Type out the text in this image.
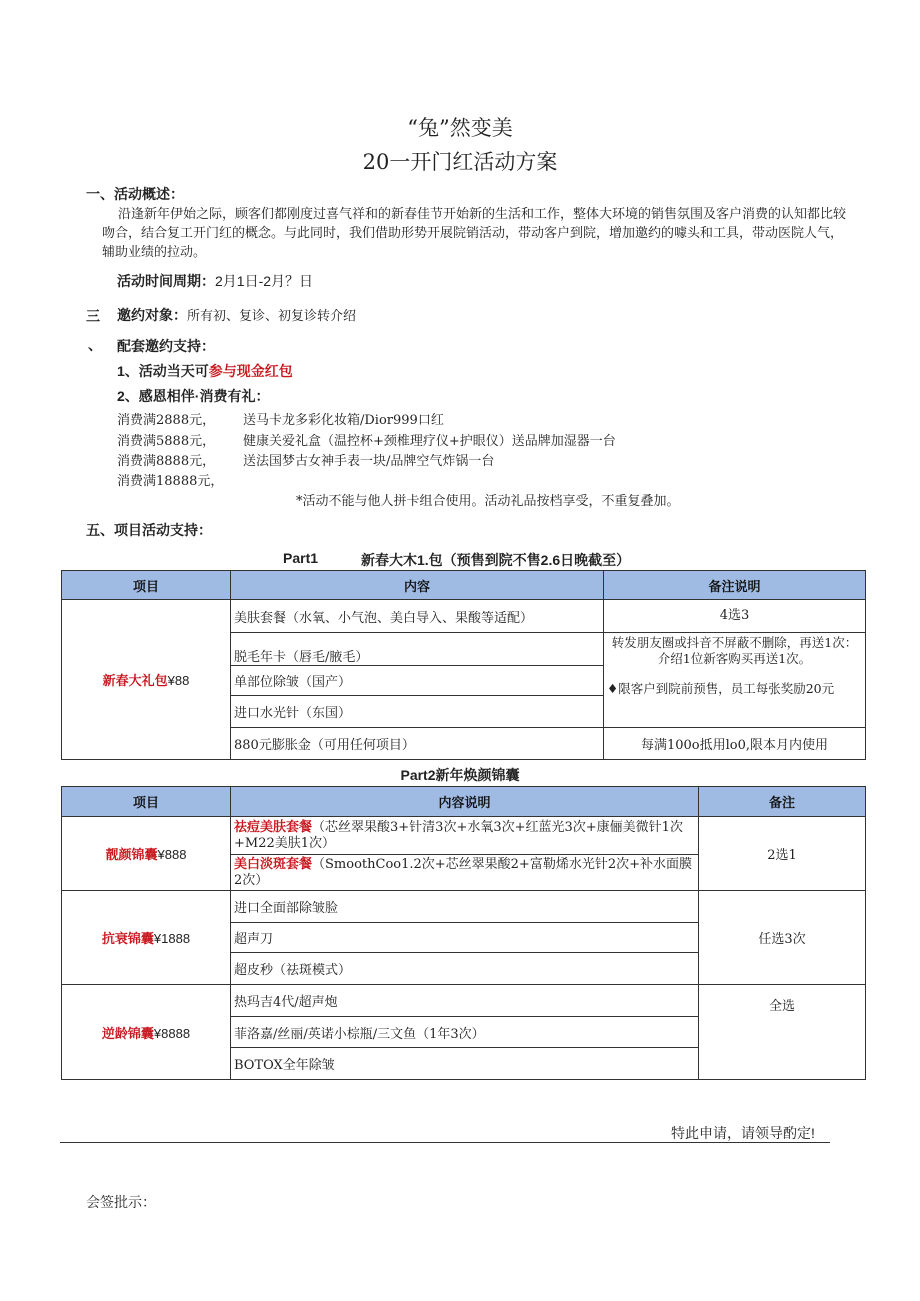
“兔”然变美
20一开门红活动方案
一、活动概述：
沿逢新年伊始之际，顾客们都刚度过喜气祥和的新春佳节开始新的生活和工作，整体大环境的销售氛围及客户消费的认知都比较吻合，结合复工开门红的概念。与此同时，我们借助形势开展院销活动，带动客户到院，增加邀约的噱头和工具，带动医院人气，辅助业绩的拉动。
活动时间周期：2月1日-2月？日
三 邀约对象：所有初、复诊、初复诊转介绍
、 配套邀约支持：
1、活动当天可参与现金红包
2、感恩相伴·消费有礼：
消费满2888元， 送马卡龙多彩化妆箱/Dior999口红
消费满5888元， 健康关爱礼盒（温控杯+颈椎理疗仪+护眼仪）送品牌加湿器一台
消费满8888元， 送法国梦古女神手表一块/品牌空气炸锅一台
消费满18888元，
*活动不能与他人拼卡组合使用。活动礼品按档享受，不重复叠加。
五、项目活动支持：
Part1	新春大木1.包（预售到院不售2.6日晚截至）
项目	内容	备注说明
新春大礼包¥88	美肤套餐（水氧、小气泡、美白导入、果酸等适配）	4选3
	脱毛年卡（唇毛/腋毛）	转发朋友圈或抖音不屏蔽不删除，再送1次：介绍1位新客购买再送1次。
♦限客户到院前预售，员工每张奖励20元

	单部位除皱（国产）	
	进口水光针（东国）	
	880元膨胀金（可用任何项目）	每满100o抵用lo0,限本月内使用
Part2新年焕颜锦囊
项目	内容说明	备注
靓颜锦囊¥888	祛痘美肤套餐（芯丝翠果酸3+针清3次+水氧3次+红蓝光3次+康俪美微针1次+M22美肤1次）	2选1
	美白淡斑套餐（SmoothCoo1.2次+芯丝翠果酸2+富勒烯水光针2次+补水面膜2次）	
抗衰锦囊¥1888	进口全面部除皱脸	任选3次
	超声刀	
	超皮秒（祛斑模式）	
逆龄锦囊¥8888	热玛吉4代/超声炮	全选
	菲洛嘉/丝丽/英诺小棕瓶/三文鱼（1年3次）	
	BOTOX全年除皱	
特此申请，请领导酌定!
会签批示：
